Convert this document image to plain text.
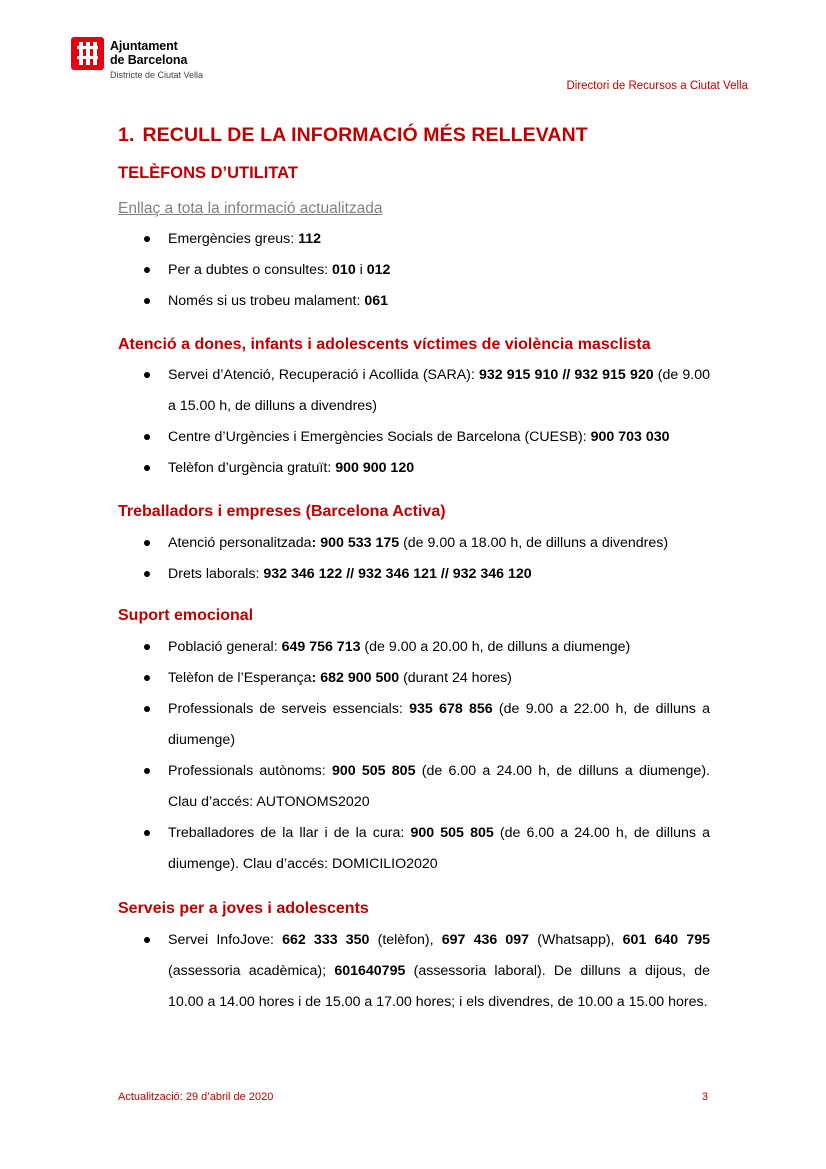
Ajuntament
de Barcelona
Districte de Ciutat Vella
Directori de Recursos a Ciutat Vella
1. RECULL DE LA INFORMACIÓ MÉS RELLEVANT
TELÈFONS D’UTILITAT
Enllaç a tota la informació actualitzada
Emergències greus: 112
Per a dubtes o consultes: 010 i 012
Només si us trobeu malament: 061
Atenció a dones, infants i adolescents víctimes de violència masclista
Servei d’Atenció, Recuperació i Acollida (SARA): 932 915 910 // 932 915 920 (de 9.00 a 15.00 h, de dilluns a divendres)
Centre d’Urgències i Emergències Socials de Barcelona (CUESB): 900 703 030
Telèfon d’urgència gratuït: 900 900 120
Treballadors i empreses (Barcelona Activa)
Atenció personalitzada: 900 533 175 (de 9.00 a 18.00 h, de dilluns a divendres)
Drets laborals: 932 346 122 // 932 346 121 // 932 346 120
Suport emocional
Població general: 649 756 713 (de 9.00 a 20.00 h, de dilluns a diumenge)
Telèfon de l’Esperança: 682 900 500 (durant 24 hores)
Professionals de serveis essencials: 935 678 856 (de 9.00 a 22.00 h, de dilluns a diumenge)
Professionals autònoms: 900 505 805 (de 6.00 a 24.00 h, de dilluns a diumenge). Clau d’accés: AUTONOMS2020
Treballadores de la llar i de la cura: 900 505 805 (de 6.00 a 24.00 h, de dilluns a diumenge). Clau d’accés: DOMICILIO2020
Serveis per a joves i adolescents
Servei InfoJove: 662 333 350 (telèfon), 697 436 097 (Whatsapp), 601 640 795 (assessoria acadèmica); 601640795 (assessoria laboral). De dilluns a dijous, de 10.00 a 14.00 hores i de 15.00 a 17.00 hores; i els divendres, de 10.00 a 15.00 hores.
Actualització: 29 d’abril de 2020	3
